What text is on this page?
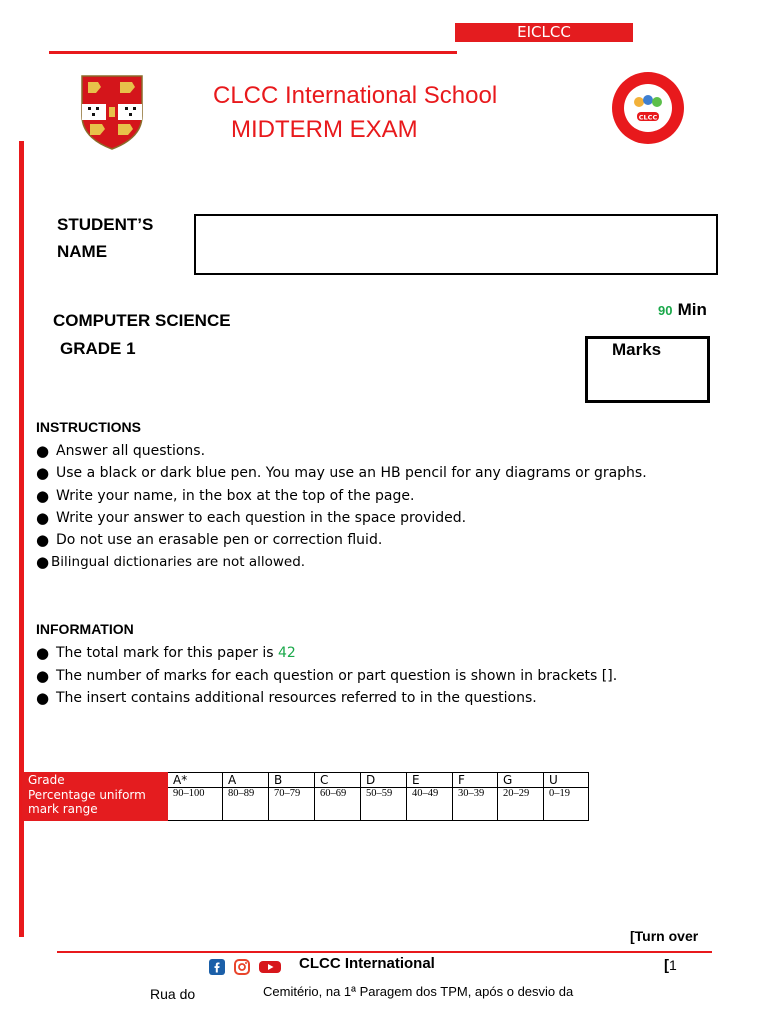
EICLCC
CLCC
CLCC International School
MIDTERM EXAM
STUDENT’S
NAME
COMPUTER SCIENCE
GRADE 1
90 Min
Marks
INSTRUCTIONS
● Answer all questions.
● Use a black or dark blue pen. You may use an HB pencil for any diagrams or graphs.
● Write your name, in the box at the top of the page.
● Write your answer to each question in the space provided.
● Do not use an erasable pen or correction fluid.
● Bilingual dictionaries are not allowed.
INFORMATION
● The total mark for this paper is 42
● The number of marks for each question or part question is shown in brackets [].
● The insert contains additional resources referred to in the questions.
Grade	A*	A	B	C	D	E	F	G	U
Percentage uniform mark range	90–100	80–89	70–79	60–69	50–59	40–49	30–39	20–29	0–19
[Turn over
CLCC International	[1
Rua do	Cemitério, na 1ª Paragem dos TPM, após o desvio da
